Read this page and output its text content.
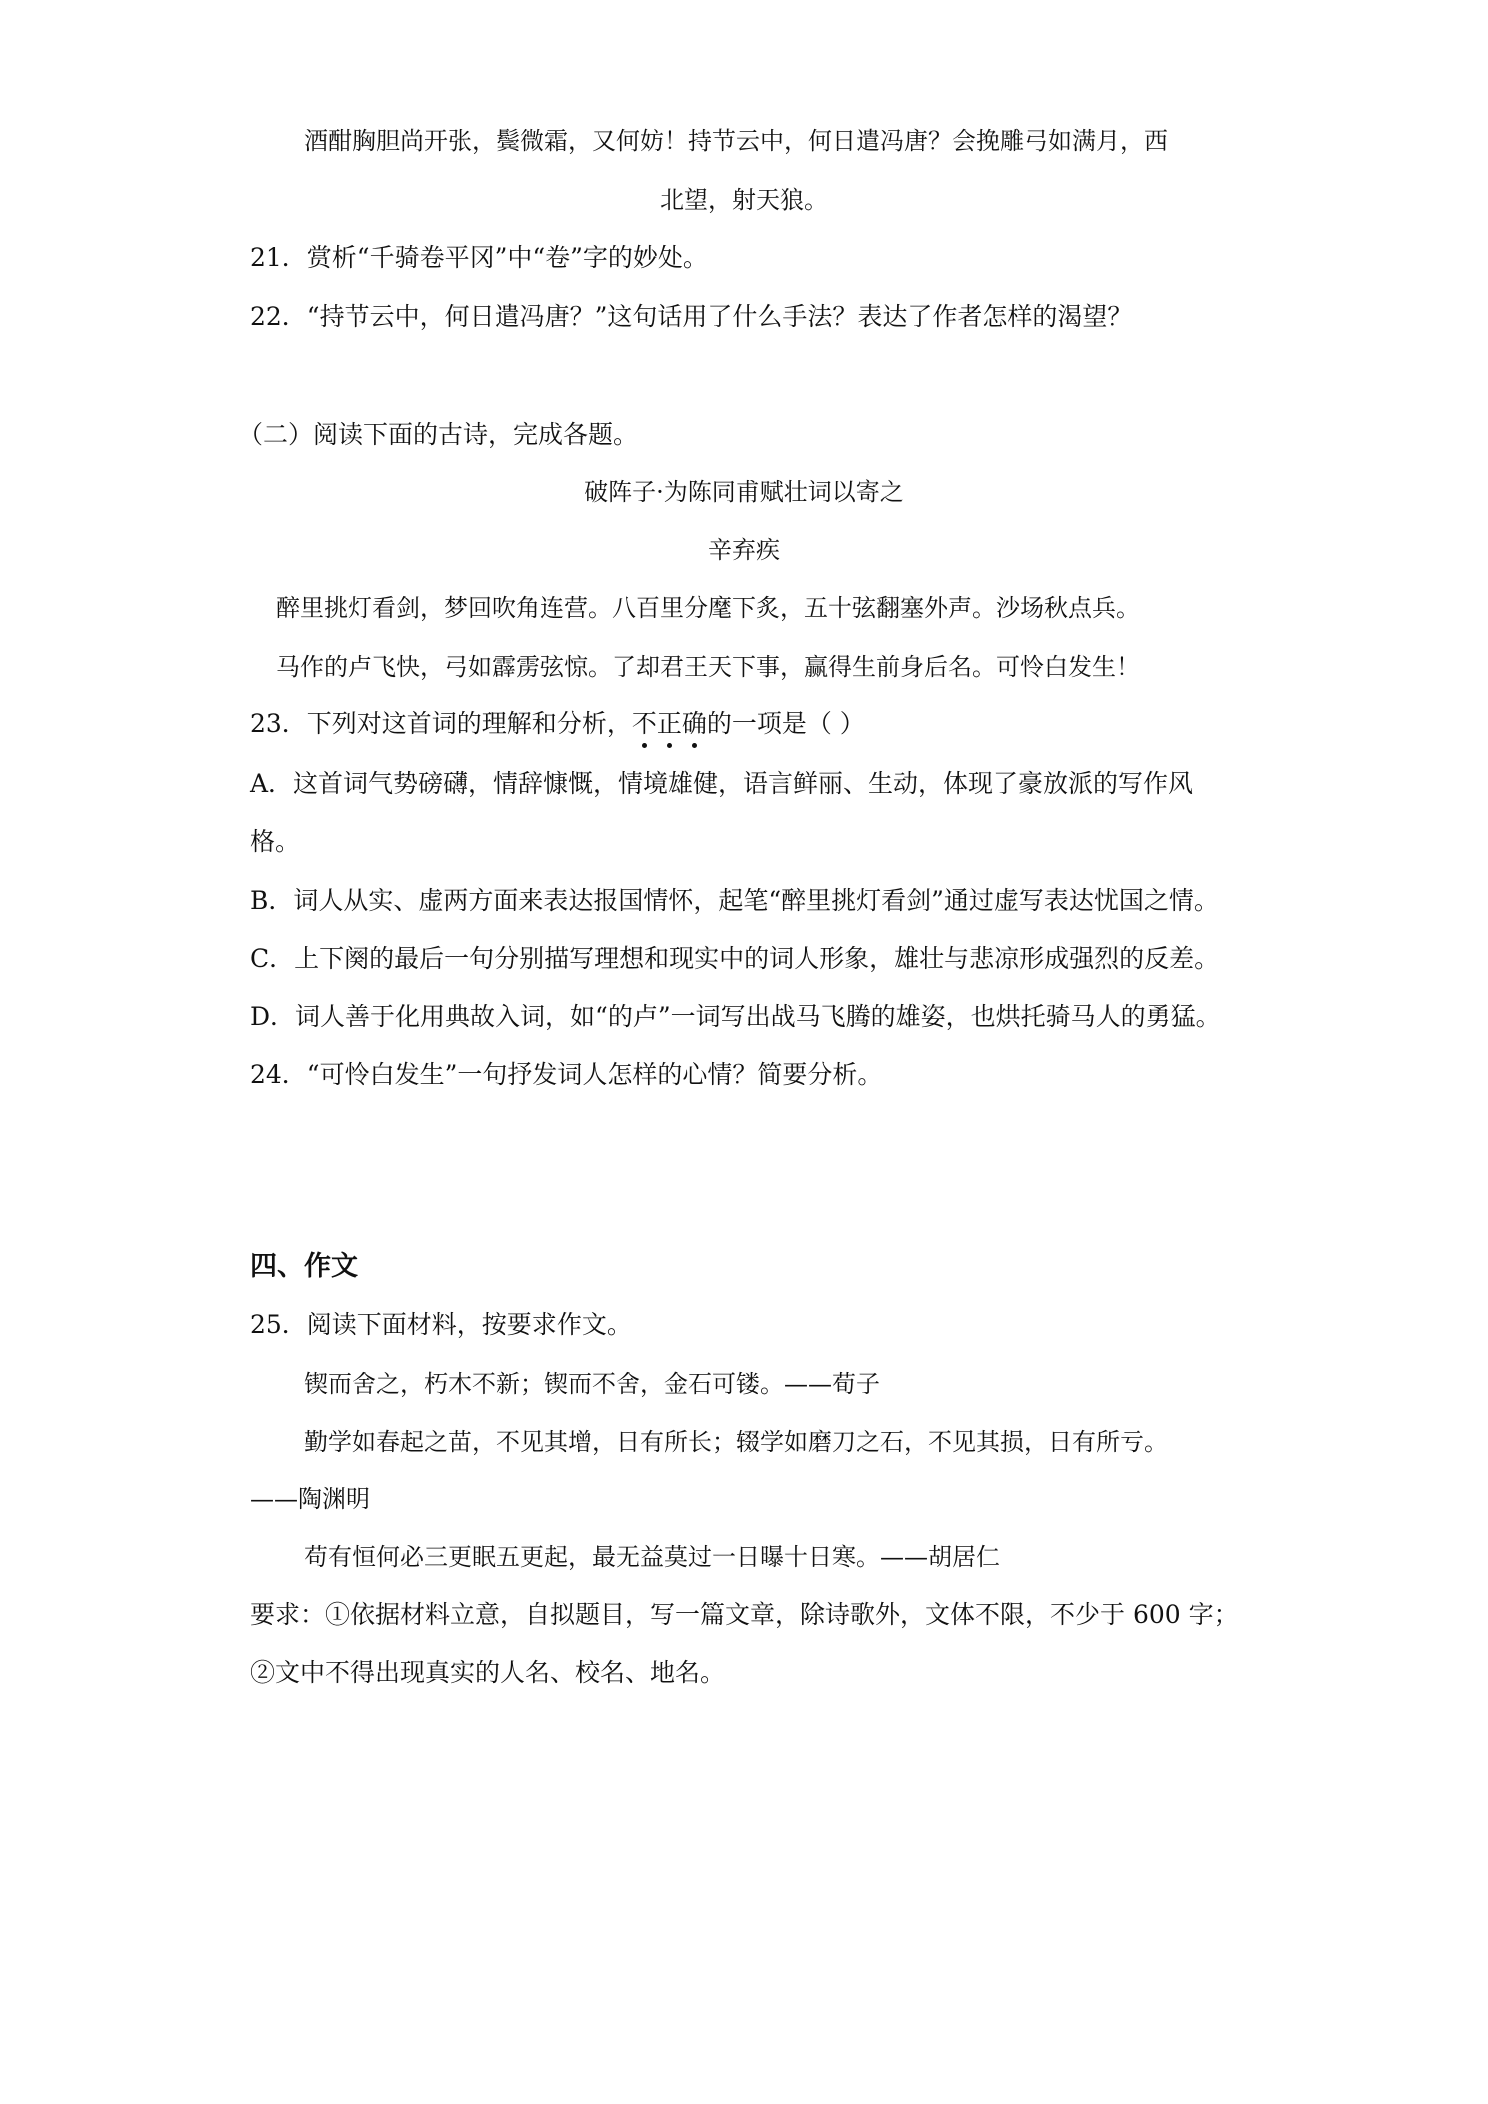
酒酣胸胆尚开张，鬓微霜，又何妨！持节云中，何日遣冯唐？会挽雕弓如满月，西
北望，射天狼。
21．赏析“千骑卷平冈”中“卷”字的妙处。
22．“持节云中，何日遣冯唐？”这句话用了什么手法？表达了作者怎样的渴望？
（二）阅读下面的古诗，完成各题。
破阵子·为陈同甫赋壮词以寄之
辛弃疾
醉里挑灯看剑，梦回吹角连营。八百里分麾下炙，五十弦翻塞外声。沙场秋点兵。
马作的卢飞快，弓如霹雳弦惊。了却君王天下事，赢得生前身后名。可怜白发生！
23．下列对这首词的理解和分析，不正确的一项是（ ）
A．这首词气势磅礴，情辞慷慨，情境雄健，语言鲜丽、生动，体现了豪放派的写作风
格。
B．词人从实、虚两方面来表达报国情怀，起笔“醉里挑灯看剑”通过虚写表达忧国之情。
C．上下阕的最后一句分别描写理想和现实中的词人形象，雄壮与悲凉形成强烈的反差。
D．词人善于化用典故入词，如“的卢”一词写出战马飞腾的雄姿，也烘托骑马人的勇猛。
24．“可怜白发生”一句抒发词人怎样的心情？简要分析。
四、作文
25．阅读下面材料，按要求作文。
锲而舍之，朽木不新；锲而不舍，金石可镂。——荀子
勤学如春起之苗，不见其增，日有所长；辍学如磨刀之石，不见其损，日有所亏。
——陶渊明
苟有恒何必三更眠五更起，最无益莫过一日曝十日寒。——胡居仁
要求：①依据材料立意，自拟题目，写一篇文章，除诗歌外，文体不限，不少于 600 字；
②文中不得出现真实的人名、校名、地名。
